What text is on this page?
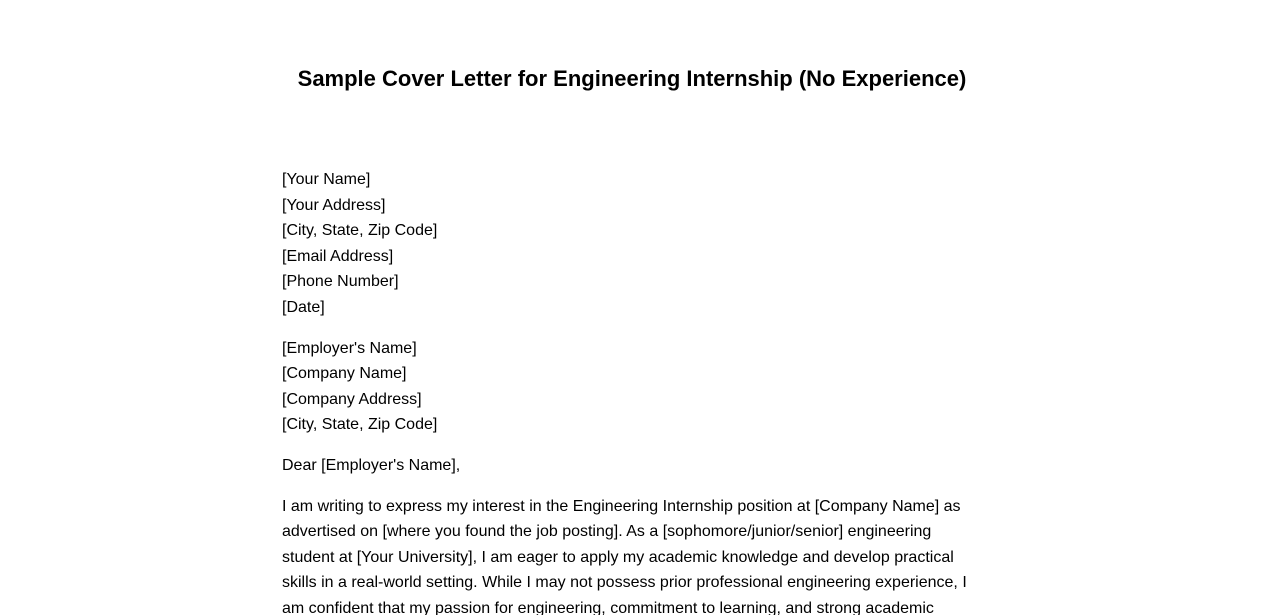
Sample Cover Letter for Engineering Internship (No Experience)
[Your Name]
[Your Address]
[City, State, Zip Code]
[Email Address]
[Phone Number]
[Date]
[Employer's Name]
[Company Name]
[Company Address]
[City, State, Zip Code]

Dear [Employer's Name],

I am writing to express my interest in the Engineering Internship position at [Company Name] as advertised on [where you found the job posting]. As a [sophomore/junior/senior] engineering student at [Your University], I am eager to apply my academic knowledge and develop practical skills in a real-world setting. While I may not possess prior professional engineering experience, I am confident that my passion for engineering, commitment to learning, and strong academic
